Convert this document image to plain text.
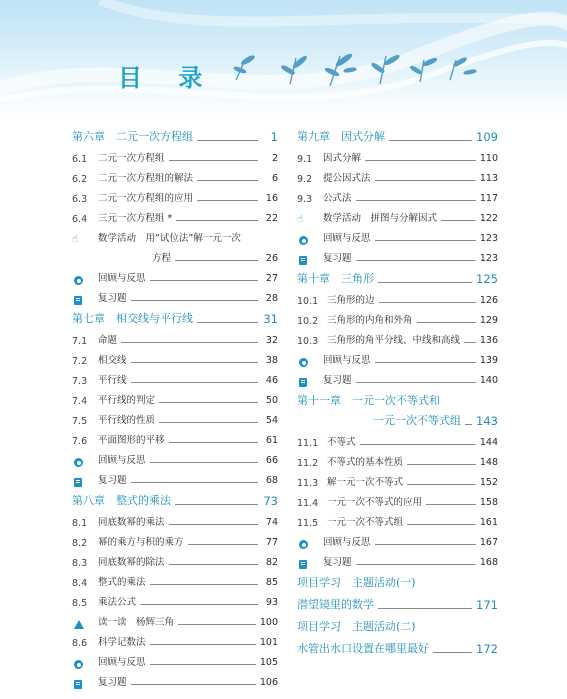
目 录
第六章　二元一次方程组	1
6.1	二元一次方程组	2
6.2	二元一次方程组的解法	6
6.3	二元一次方程组的应用	16
6.4	三元一次方程组 *	22
☝ 数学活动　用“试位法”解一元一次
方程	26
回顾与反思	27
复习题	28
第七章　相交线与平行线	31
7.1	命题	32
7.2	相交线	38
7.3	平行线	46
7.4	平行线的判定	50
7.5	平行线的性质	54
7.6	平面图形的平移	61
回顾与反思	66
复习题	68
第八章　整式的乘法	73
8.1	同底数幂的乘法	74
8.2	幂的乘方与积的乘方	77
8.3	同底数幂的除法	82
8.4	整式的乘法	85
8.5	乘法公式	93
读一读　杨辉三角	100
8.6	科学记数法	101
回顾与反思	105
复习题	106
第九章　因式分解	109
9.1	因式分解	110
9.2	提公因式法	113
9.3	公式法	117
☝ 数学活动　拼图与分解因式	122
回顾与反思	123
复习题	123
第十章　三角形	125
10.1 三角形的边	126
10.2 三角形的内角和外角	129
10.3 三角形的角平分线、中线和高线 136
回顾与反思	139
复习题	140
第十一章　一元一次不等式和
一元一次不等式组 143
11.1 不等式	144
11.2 不等式的基本性质	148
11.3 解一元一次不等式	152
11.4 一元一次不等式的应用	158
11.5 一元一次不等式组	161
回顾与反思	167
复习题	168
项目学习　主题活动(一)
潜望镜里的数学	171
项目学习　主题活动(二)
水管出水口设置在哪里最好	172
